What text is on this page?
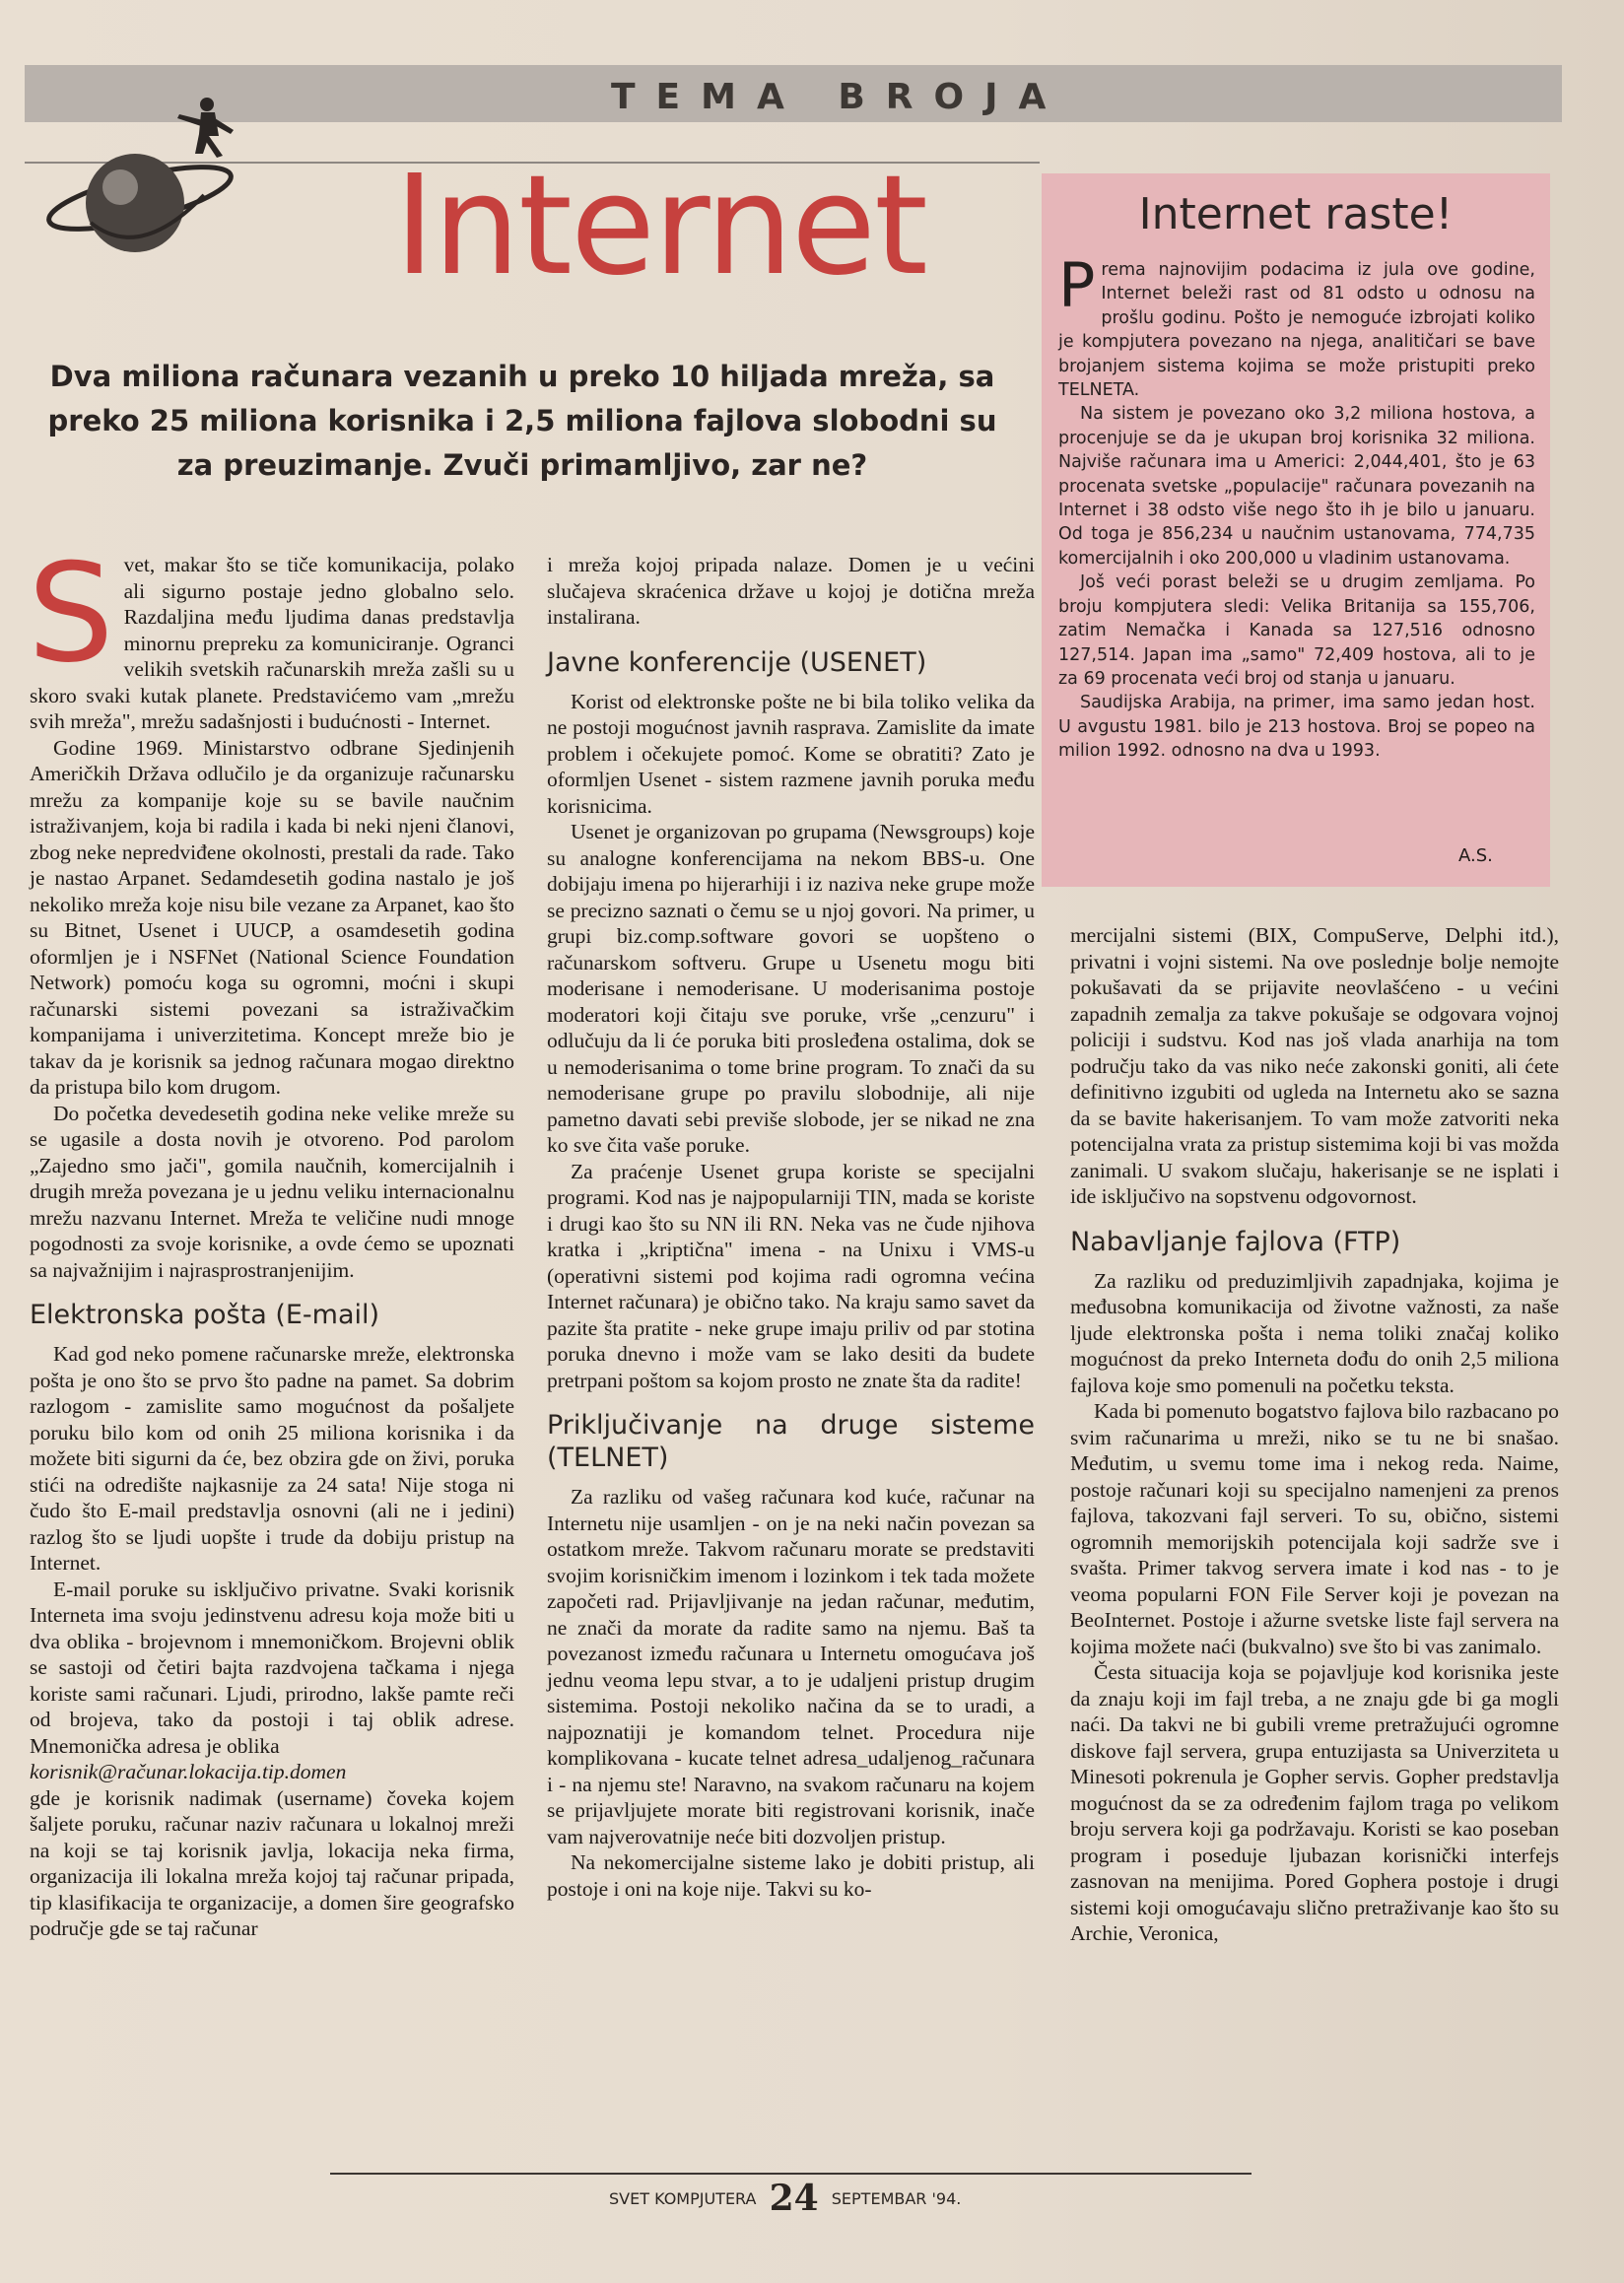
TEMA BROJA
Internet
Dva miliona računara vezanih u preko 10 hiljada mreža, sa preko 25 miliona korisnika i 2,5 miliona fajlova slobodni su za preuzimanje. Zvuči primamljivo, zar ne?
S vet, makar što se tiče komunikacija, polako ali sigurno postaje jedno globalno selo. Razdaljina među ljudima danas predstavlja minornu prepreku za komuniciranje. Ogranci velikih svetskih računarskih mreža zašli su u skoro svaki kutak planete. Predstavićemo vam „mrežu svih mreža", mrežu sadašnjosti i budućnosti - Internet.

Godine 1969. Ministarstvo odbrane Sjedinjenih Američkih Država odlučilo je da organizuje računarsku mrežu za kompanije koje su se bavile naučnim istraživanjem, koja bi radila i kada bi neki njeni članovi, zbog neke nepredviđene okolnosti, prestali da rade. Tako je nastao Arpanet. Sedamdesetih godina nastalo je još nekoliko mreža koje nisu bile vezane za Arpanet, kao što su Bitnet, Usenet i UUCP, a osamdesetih godina oformljen je i NSFNet (National Science Foundation Network) pomoću koga su ogromni, moćni i skupi računarski sistemi povezani sa istraživačkim kompanijama i univerzitetima. Koncept mreže bio je takav da je korisnik sa jednog računara mogao direktno da pristupa bilo kom drugom.

Do početka devedesetih godina neke velike mreže su se ugasile a dosta novih je otvoreno. Pod parolom „Zajedno smo jači", gomila naučnih, komercijalnih i drugih mreža povezana je u jednu veliku internacionalnu mrežu nazvanu Internet. Mreža te veličine nudi mnoge pogodnosti za svoje korisnike, a ovde ćemo se upoznati sa najvažnijim i najrasprostranjenijim.

Elektronska pošta (E-mail)

Kad god neko pomene računarske mreže, elektronska pošta je ono što se prvo što padne na pamet. Sa dobrim razlogom - zamislite samo mogućnost da pošaljete poruku bilo kom od onih 25 miliona korisnika i da možete biti sigurni da će, bez obzira gde on živi, poruka stići na odredište najkasnije za 24 sata! Nije stoga ni čudo što E-mail predstavlja osnovni (ali ne i jedini) razlog što se ljudi uopšte i trude da dobiju pristup na Internet.

E-mail poruke su isključivo privatne. Svaki korisnik Interneta ima svoju jedinstvenu adresu koja može biti u dva oblika - brojevnom i mnemoničkom. Brojevni oblik se sastoji od četiri bajta razdvojena tačkama i njega koriste sami računari. Ljudi, prirodno, lakše pamte reči od brojeva, tako da postoji i taj oblik adrese. Mnemonička adresa je oblika

korisnik@računar.lokacija.tip.domen

gde je korisnik nadimak (username) čoveka kojem šaljete poruku, računar naziv računara u lokalnoj mreži na koji se taj korisnik javlja, lokacija neka firma, organizacija ili lokalna mreža kojoj taj računar pripada, tip klasifikacija te organizacije, a domen šire geografsko područje gde se taj računar

i mreža kojoj pripada nalaze. Domen je u većini slučajeva skraćenica države u kojoj je dotična mreža instalirana.

Javne konferencije (USENET)

Korist od elektronske pošte ne bi bila toliko velika da ne postoji mogućnost javnih rasprava. Zamislite da imate problem i očekujete pomoć. Kome se obratiti? Zato je oformljen Usenet - sistem razmene javnih poruka među korisnicima.

Usenet je organizovan po grupama (Newsgroups) koje su analogne konferencijama na nekom BBS-u. One dobijaju imena po hijerarhiji i iz naziva neke grupe može se precizno saznati o čemu se u njoj govori. Na primer, u grupi biz.comp.software govori se uopšteno o računarskom softveru. Grupe u Usenetu mogu biti moderisane i nemoderisane. U moderisanima postoje moderatori koji čitaju sve poruke, vrše „cenzuru" i odlučuju da li će poruka biti prosleđena ostalima, dok se u nemoderisanima o tome brine program. To znači da su nemoderisane grupe po pravilu slobodnije, ali nije pametno davati sebi previše slobode, jer se nikad ne zna ko sve čita vaše poruke.

Za praćenje Usenet grupa koriste se specijalni programi. Kod nas je najpopularniji TIN, mada se koriste i drugi kao što su NN ili RN. Neka vas ne čude njihova kratka i „kriptična" imena - na Unixu i VMS-u (operativni sistemi pod kojima radi ogromna većina Internet računara) je obično tako. Na kraju samo savet da pazite šta pratite - neke grupe imaju priliv od par stotina poruka dnevno i može vam se lako desiti da budete pretrpani poštom sa kojom prosto ne znate šta da radite!

Priključivanje na druge sisteme (TELNET)

Za razliku od vašeg računara kod kuće, računar na Internetu nije usamljen - on je na neki način povezan sa ostatkom mreže. Takvom računaru morate se predstaviti svojim korisničkim imenom i lozinkom i tek tada možete započeti rad. Prijavljivanje na jedan računar, međutim, ne znači da morate da radite samo na njemu. Baš ta povezanost između računara u Internetu omogućava još jednu veoma lepu stvar, a to je udaljeni pristup drugim sistemima. Postoji nekoliko načina da se to uradi, a najpoznatiji je komandom telnet. Procedura nije komplikovana - kucate telnet adresa_udaljenog_računara i - na njemu ste! Naravno, na svakom računaru na kojem se prijavljujete morate biti registrovani korisnik, inače vam najverovatnije neće biti dozvoljen pristup.

Na nekomercijalne sisteme lako je dobiti pristup, ali postoje i oni na koje nije. Takvi su ko-

Internet raste!
P rema najnovijim podacima iz jula ove godine, Internet beleži rast od 81 odsto u odnosu na prošlu godinu. Pošto je nemoguće izbrojati koliko je kompjutera povezano na njega, analitičari se bave brojanjem sistema kojima se može pristupiti preko TELNETA.

Na sistem je povezano oko 3,2 miliona hostova, a procenjuje se da je ukupan broj korisnika 32 miliona. Najviše računara ima u Americi: 2,044,401, što je 63 procenata svetske „populacije" računara povezanih na Internet i 38 odsto više nego što ih je bilo u januaru. Od toga je 856,234 u naučnim ustanovama, 774,735 komercijalnih i oko 200,000 u vladinim ustanovama.

Još veći porast beleži se u drugim zemljama. Po broju kompjutera sledi: Velika Britanija sa 155,706, zatim Nemačka i Kanada sa 127,516 odnosno 127,514. Japan ima „samo" 72,409 hostova, ali to je za 69 procenata veći broj od stanja u januaru.

Saudijska Arabija, na primer, ima samo jedan host. U avgustu 1981. bilo je 213 hostova. Broj se popeo na milion 1992. odnosno na dva u 1993.

A.S.

mercijalni sistemi (BIX, CompuServe, Delphi itd.), privatni i vojni sistemi. Na ove poslednje bolje nemojte pokušavati da se prijavite neovlašćeno - u većini zapadnih zemalja za takve pokušaje se odgovara vojnoj policiji i sudstvu. Kod nas još vlada anarhija na tom području tako da vas niko neće zakonski goniti, ali ćete definitivno izgubiti od ugleda na Internetu ako se sazna da se bavite hakerisanjem. To vam može zatvoriti neka potencijalna vrata za pristup sistemima koji bi vas možda zanimali. U svakom slučaju, hakerisanje se ne isplati i ide isključivo na sopstvenu odgovornost.

Nabavljanje fajlova (FTP)

Za razliku od preduzimljivih zapadnjaka, kojima je međusobna komunikacija od životne važnosti, za naše ljude elektronska pošta i nema toliki značaj koliko mogućnost da preko Interneta dođu do onih 2,5 miliona fajlova koje smo pomenuli na početku teksta.

Kada bi pomenuto bogatstvo fajlova bilo razbacano po svim računarima u mreži, niko se tu ne bi snašao. Međutim, u svemu tome ima i nekog reda. Naime, postoje računari koji su specijalno namenjeni za prenos fajlova, takozvani fajl serveri. To su, obično, sistemi ogromnih memorijskih potencijala koji sadrže sve i svašta. Primer takvog servera imate i kod nas - to je veoma popularni FON File Server koji je povezan na BeoInternet. Postoje i ažurne svetske liste fajl servera na kojima možete naći (bukvalno) sve što bi vas zanimalo.

Česta situacija koja se pojavljuje kod korisnika jeste da znaju koji im fajl treba, a ne znaju gde bi ga mogli naći. Da takvi ne bi gubili vreme pretražujući ogromne diskove fajl servera, grupa entuzijasta sa Univerziteta u Minesoti pokrenula je Gopher servis. Gopher predstavlja mogućnost da se za određenim fajlom traga po velikom broju servera koji ga podržavaju. Koristi se kao poseban program i poseduje ljubazan korisnički interfejs zasnovan na menijima. Pored Gophera postoje i drugi sistemi koji omogućavaju slično pretraživanje kao što su Archie, Veronica,

SVET KOMPJUTERA 24 SEPTEMBAR '94.
